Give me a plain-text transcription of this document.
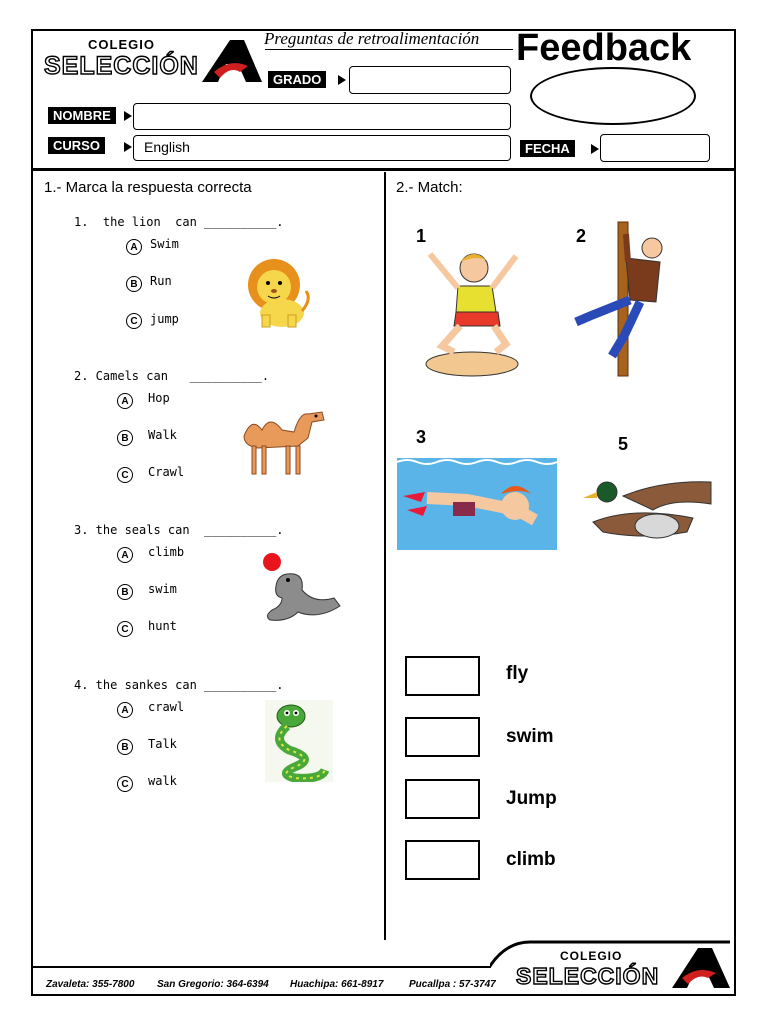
COLEGIO
SELECCIÓN
Preguntas de retroalimentación Feedback
GRADO
NOMBRE
CURSO	English	FECHA
1.- Marca la respuesta correcta
1.  the lion  can __________.
A	Swim
B	Run
C	jump
2. Camels can   __________.
A	Hop
B	Walk
C	Crawl
3. the seals can  __________.
A	climb
B	swim
C	hunt
4. the sankes can __________.
A	crawl
B	Talk
C	walk
2.- Match:
1	2
3	5
fly
swim
Jump
climb
Zavaleta: 355-7800 San Gregorio: 364-6394 Huachipa: 661-8917	Pucallpa : 57-3747
COLEGIO
SELECCIÓN
